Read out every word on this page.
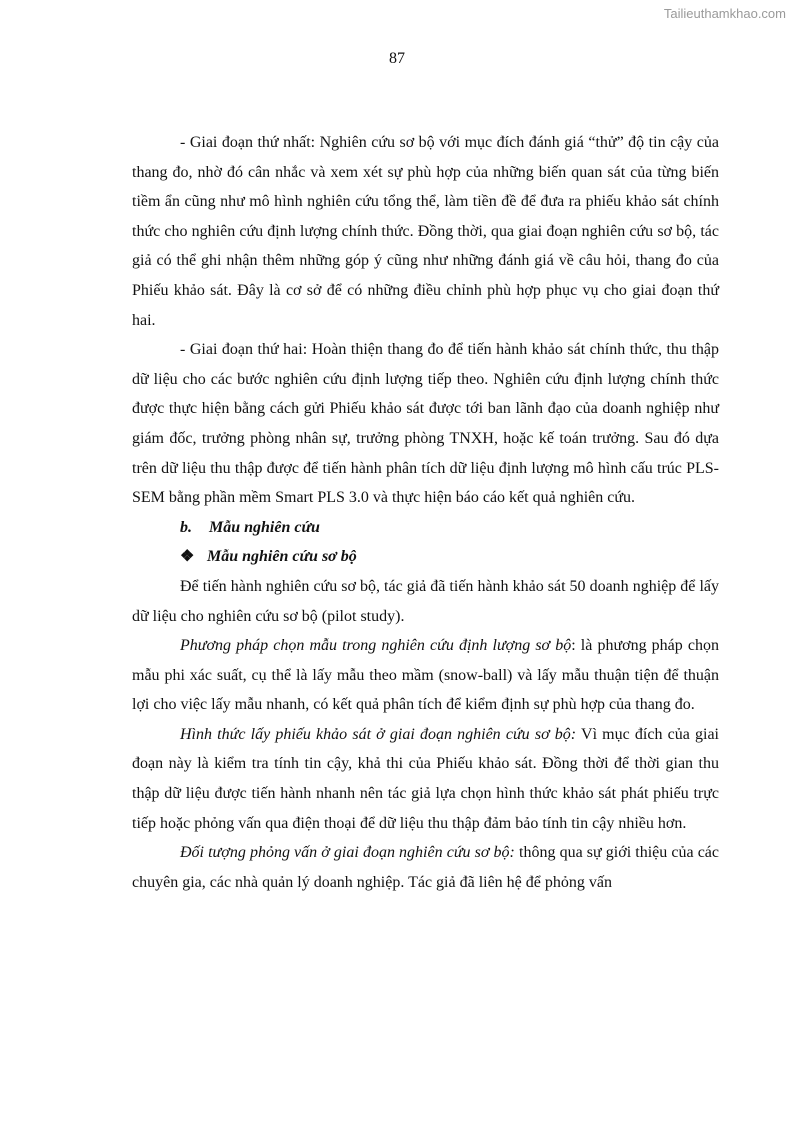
Tailieuthamkhao.com
87

- Giai đoạn thứ nhất: Nghiên cứu sơ bộ với mục đích đánh giá “thử” độ tin cậy của thang đo, nhờ đó cân nhắc và xem xét sự phù hợp của những biến quan sát của từng biến tiềm ẩn cũng như mô hình nghiên cứu tổng thể, làm tiền đề để đưa ra phiếu khảo sát chính thức cho nghiên cứu định lượng chính thức. Đồng thời, qua giai đoạn nghiên cứu sơ bộ, tác giả có thể ghi nhận thêm những góp ý cũng như những đánh giá về câu hỏi, thang đo của Phiếu khảo sát. Đây là cơ sở để có những điều chỉnh phù hợp phục vụ cho giai đoạn thứ hai.

- Giai đoạn thứ hai: Hoàn thiện thang đo để tiến hành khảo sát chính thức, thu thập dữ liệu cho các bước nghiên cứu định lượng tiếp theo. Nghiên cứu định lượng chính thức được thực hiện bằng cách gửi Phiếu khảo sát được tới ban lãnh đạo của doanh nghiệp như giám đốc, trưởng phòng nhân sự, trưởng phòng TNXH, hoặc kế toán trưởng. Sau đó dựa trên dữ liệu thu thập được để tiến hành phân tích dữ liệu định lượng mô hình cấu trúc PLS-SEM bằng phần mềm Smart PLS 3.0 và thực hiện báo cáo kết quả nghiên cứu.

b. Mẫu nghiên cứu

❖ Mẫu nghiên cứu sơ bộ

Để tiến hành nghiên cứu sơ bộ, tác giả đã tiến hành khảo sát 50 doanh nghiệp để lấy dữ liệu cho nghiên cứu sơ bộ (pilot study).

Phương pháp chọn mẫu trong nghiên cứu định lượng sơ bộ: là phương pháp chọn mẫu phi xác suất, cụ thể là lấy mẫu theo mầm (snow-ball) và lấy mẫu thuận tiện để thuận lợi cho việc lấy mẫu nhanh, có kết quả phân tích để kiểm định sự phù hợp của thang đo.

Hình thức lấy phiếu khảo sát ở giai đoạn nghiên cứu sơ bộ: Vì mục đích của giai đoạn này là kiểm tra tính tin cậy, khả thi của Phiếu khảo sát. Đồng thời để thời gian thu thập dữ liệu được tiến hành nhanh nên tác giả lựa chọn hình thức khảo sát phát phiếu trực tiếp hoặc phỏng vấn qua điện thoại để dữ liệu thu thập đảm bảo tính tin cậy nhiều hơn.

Đối tượng phỏng vấn ở giai đoạn nghiên cứu sơ bộ: thông qua sự giới thiệu của các chuyên gia, các nhà quản lý doanh nghiệp. Tác giả đã liên hệ để phỏng vấn
